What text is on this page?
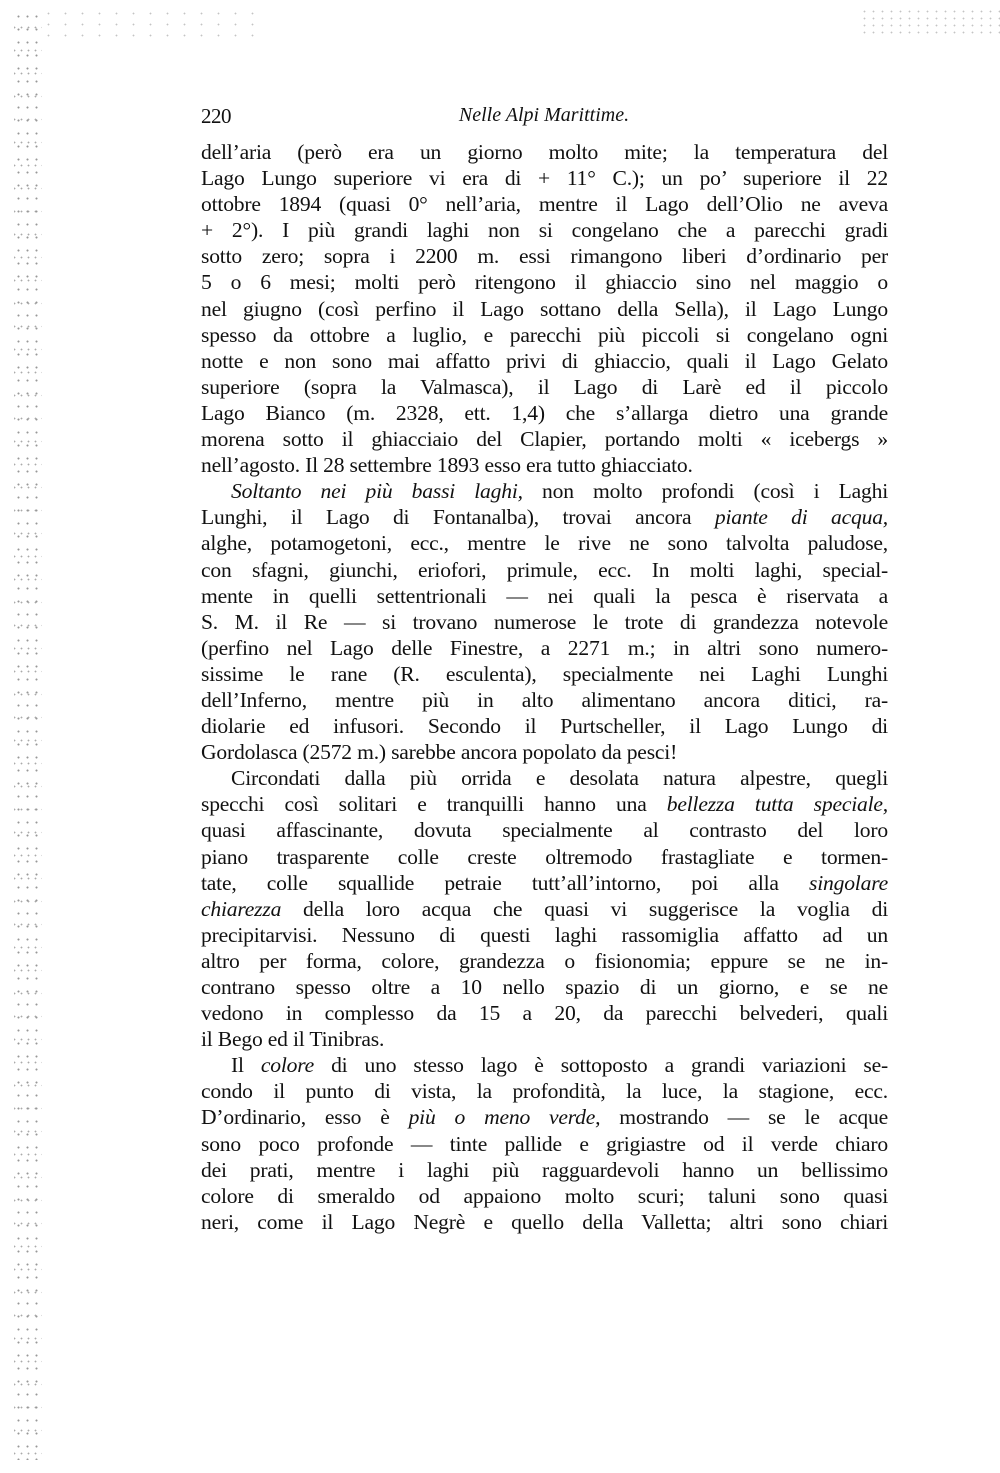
220	Nelle Alpi Marittime.
dell’aria (però era un giorno molto mite; la temperatura del
Lago Lungo superiore vi era di + 11° C.); un po’ superiore il 22
ottobre 1894 (quasi 0° nell’aria, mentre il Lago dell’Olio ne aveva
+ 2°). I più grandi laghi non si congelano che a parecchi gradi
sotto zero; sopra i 2200 m. essi rimangono liberi d’ordinario per
5 o 6 mesi; molti però ritengono il ghiaccio sino nel maggio o
nel giugno (così perfino il Lago sottano della Sella), il Lago Lungo
spesso da ottobre a luglio, e parecchi più piccoli si congelano ogni
notte e non sono mai affatto privi di ghiaccio, quali il Lago Gelato
superiore (sopra la Valmasca), il Lago di Larè ed il piccolo
Lago Bianco (m. 2328, ett. 1,4) che s’allarga dietro una grande
morena sotto il ghiacciaio del Clapier, portando molti « icebergs »
nell’agosto. Il 28 settembre 1893 esso era tutto ghiacciato.
Soltanto nei più bassi laghi, non molto profondi (così i Laghi
Lunghi, il Lago di Fontanalba), trovai ancora piante di acqua,
alghe, potamogetoni, ecc., mentre le rive ne sono talvolta paludose,
con sfagni, giunchi, eriofori, primule, ecc. In molti laghi, special-
mente in quelli settentrionali — nei quali la pesca è riservata a
S. M. il Re — si trovano numerose le trote di grandezza notevole
(perfino nel Lago delle Finestre, a 2271 m.; in altri sono numero-
sissime le rane (R. esculenta), specialmente nei Laghi Lunghi
dell’Inferno, mentre più in alto alimentano ancora ditici, ra-
diolarie ed infusori. Secondo il Purtscheller, il Lago Lungo di
Gordolasca (2572 m.) sarebbe ancora popolato da pesci!
Circondati dalla più orrida e desolata natura alpestre, quegli
specchi così solitari e tranquilli hanno una bellezza tutta speciale,
quasi affascinante, dovuta specialmente al contrasto del loro
piano trasparente colle creste oltremodo frastagliate e tormen-
tate, colle squallide petraie tutt’all’intorno, poi alla singolare
chiarezza della loro acqua che quasi vi suggerisce la voglia di
precipitarvisi. Nessuno di questi laghi rassomiglia affatto ad un
altro per forma, colore, grandezza o fisionomia; eppure se ne in-
contrano spesso oltre a 10 nello spazio di un giorno, e se ne
vedono in complesso da 15 a 20, da parecchi belvederi, quali
il Bego ed il Tinibras.
Il colore di uno stesso lago è sottoposto a grandi variazioni se-
condo il punto di vista, la profondità, la luce, la stagione, ecc.
D’ordinario, esso è più o meno verde, mostrando — se le acque
sono poco profonde — tinte pallide e grigiastre od il verde chiaro
dei prati, mentre i laghi più ragguardevoli hanno un bellissimo
colore di smeraldo od appaiono molto scuri; taluni sono quasi
neri, come il Lago Negrè e quello della Valletta; altri sono chiari
